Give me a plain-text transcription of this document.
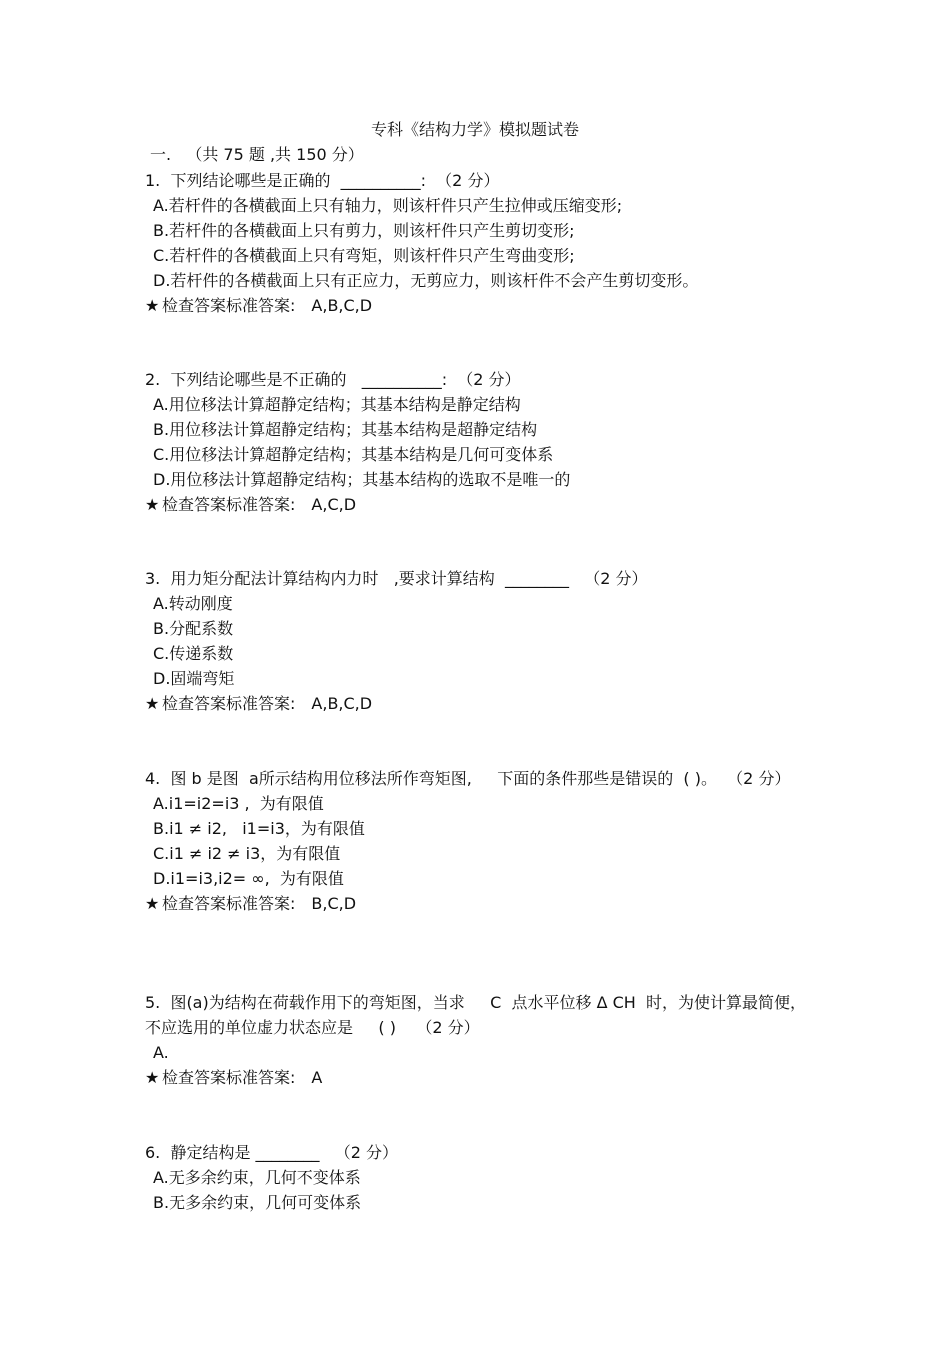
专科《结构力学》模拟题试卷
一.   （共 75 题 ,共 150 分）
1.  下列结论哪些是正确的  __________:  （2 分）
A.若杆件的各横截面上只有轴力，则该杆件只产生拉伸或压缩变形;
B.若杆件的各横截面上只有剪力，则该杆件只产生剪切变形;
C.若杆件的各横截面上只有弯矩，则该杆件只产生弯曲变形;
D.若杆件的各横截面上只有正应力，无剪应力，则该杆件不会产生剪切变形。
★ 检查答案标准答案:  A,B,C,D
2.  下列结论哪些是不正确的   __________:  （2 分）
A.用位移法计算超静定结构；其基本结构是静定结构
B.用位移法计算超静定结构；其基本结构是超静定结构
C.用位移法计算超静定结构；其基本结构是几何可变体系
D.用位移法计算超静定结构；其基本结构的选取不是唯一的
★ 检查答案标准答案:  A,C,D
3.  用力矩分配法计算结构内力时   ,要求计算结构  ________   （2 分）
A.转动刚度
B.分配系数
C.传递系数
D.固端弯矩
★ 检查答案标准答案:  A,B,C,D
4.  图 b 是图  a所示结构用位移法所作弯矩图,     下面的条件那些是错误的  ( )。  （2 分）
A.i1=i2=i3 ,  为有限值
B.i1 ≠ i2,   i1=i3，为有限值
C.i1 ≠ i2 ≠ i3，为有限值
D.i1=i3,i2= ∞,  为有限值
★ 检查答案标准答案:  B,C,D
5.  图(a)为结构在荷载作用下的弯矩图，当求     C  点水平位移 Δ CH  时，为使计算最简便，不应选用的单位虚力状态应是     ( )    （2 分）
A.
★ 检查答案标准答案:  A
6.  静定结构是 ________   （2 分）
A.无多余约束，几何不变体系
B.无多余约束，几何可变体系
